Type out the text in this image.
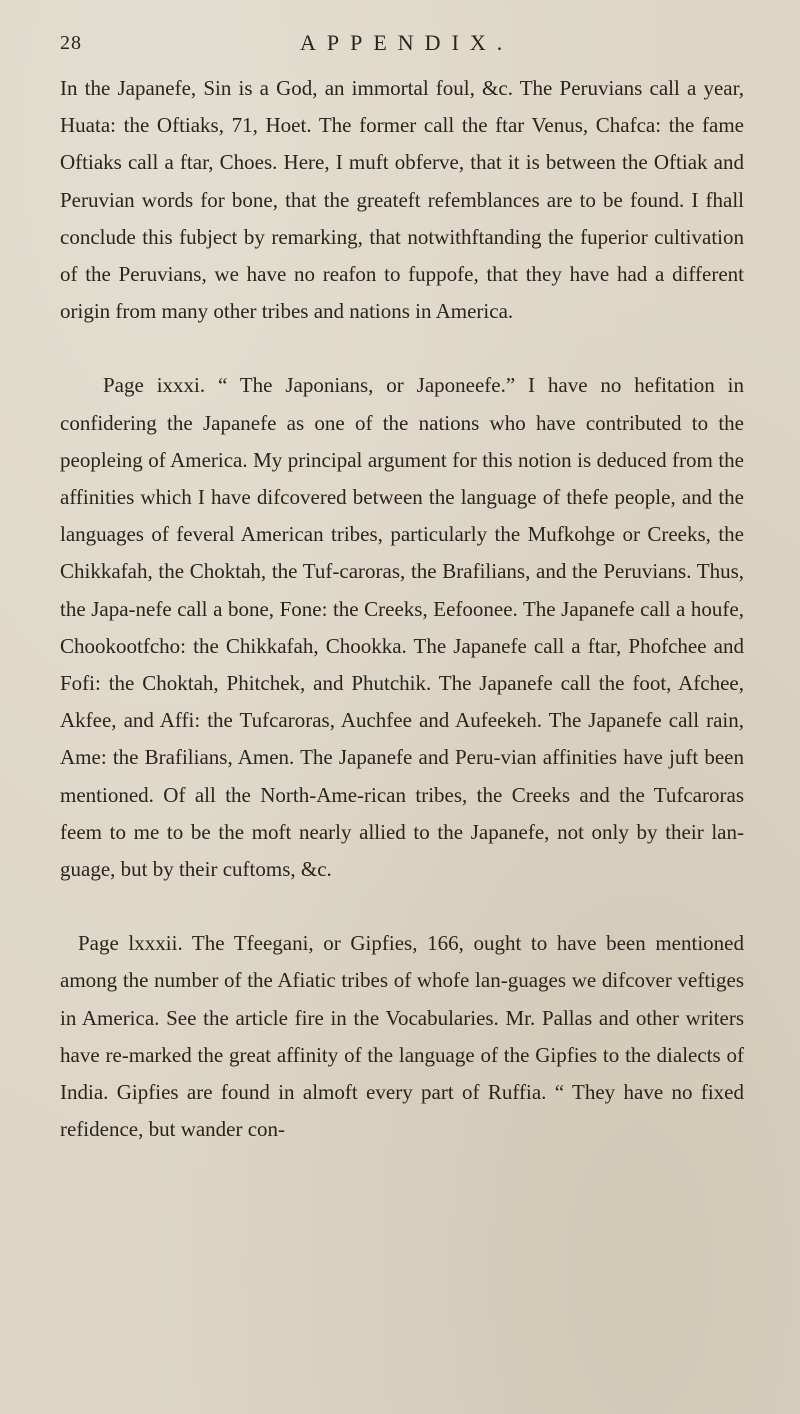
28	APPENDIX.

In the Japanefe, Sin is a God, an immortal foul, &c. The Peruvians call a year, Huata: the Oftiaks, 71, Hoet. The former call the ftar Venus, Chafca: the fame Oftiaks call a ftar, Choes. Here, I muft obferve, that it is between the Oftiak and Peruvian words for bone, that the greateft refemblances are to be found. I fhall conclude this fubject by remarking, that notwithftanding the fuperior cultivation of the Peruvians, we have no reafon to fuppofe, that they have had a different origin from many other tribes and nations in America.

Page ixxxi. “ The Japonians, or Japoneefe.” I have no hefitation in confidering the Japanefe as one of the nations who have contributed to the peopleing of America. My principal argument for this notion is deduced from the affinities which I have difcovered between the language of thefe people, and the languages of feveral American tribes, particularly the Mufkohge or Creeks, the Chikkafah, the Choktah, the Tuf-caroras, the Brafilians, and the Peruvians. Thus, the Japa-nefe call a bone, Fone: the Creeks, Eefoonee. The Japanefe call a houfe, Chookootfcho: the Chikkafah, Chookka. The Japanefe call a ftar, Phofchee and Fofi: the Choktah, Phitchek, and Phutchik. The Japanefe call the foot, Afchee, Akfee, and Affi: the Tufcaroras, Auchfee and Aufeekeh. The Japanefe call rain, Ame: the Brafilians, Amen. The Japanefe and Peru-vian affinities have juft been mentioned. Of all the North-Ame-rican tribes, the Creeks and the Tufcaroras feem to me to be the moft nearly allied to the Japanefe, not only by their lan-guage, but by their cuftoms, &c.

Page lxxxii. The Tfeegani, or Gipfies, 166, ought to have been mentioned among the number of the Afiatic tribes of whofe lan-guages we difcover veftiges in America. See the article fire in the Vocabularies. Mr. Pallas and other writers have re-marked the great affinity of the language of the Gipfies to the dialects of India. Gipfies are found in almoft every part of Ruffia. “ They have no fixed refidence, but wander con-
